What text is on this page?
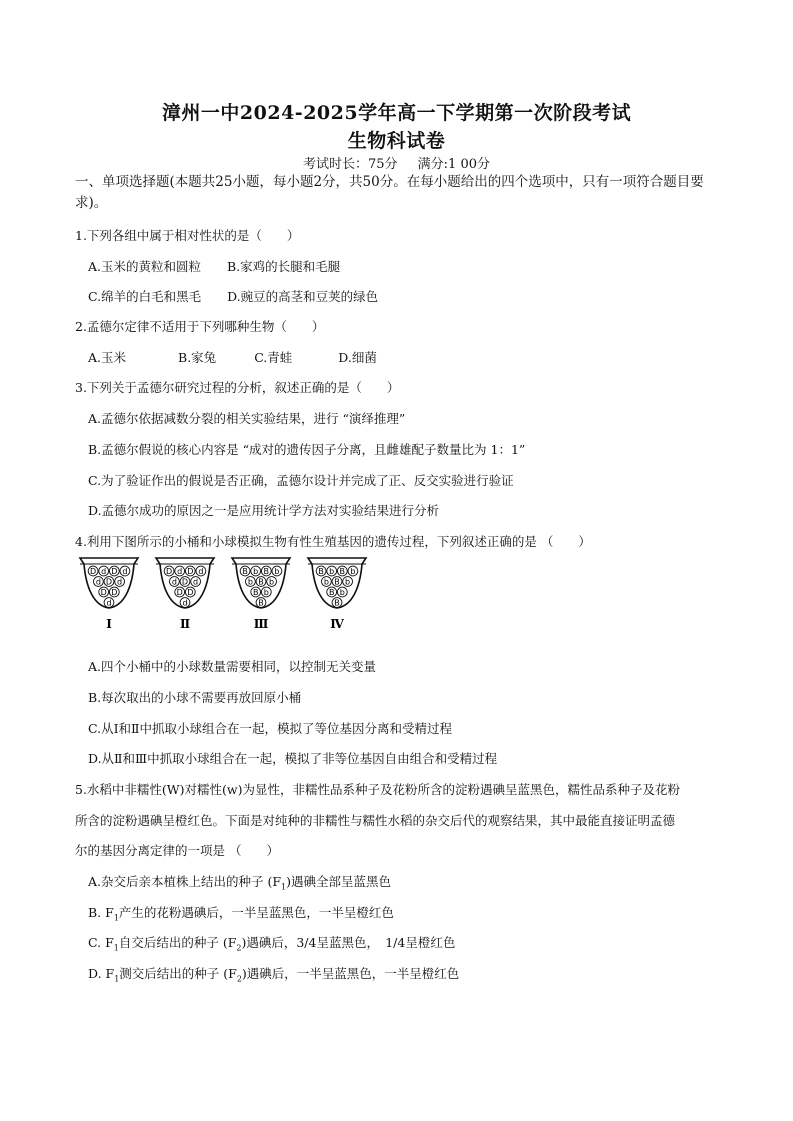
漳州一中2024-2025学年高一下学期第一次阶段考试
生物科试卷
考试时长：75分 满分:1 00分
一、单项选择题(本题共25小题，每小题2分，共50分。在每小题给出的四个选项中，只有一项符合题目要求)。
1.下列各组中属于相对性状的是（　　）
A.玉米的黄粒和圆粒 B.家鸡的长腿和毛腿
C.绵羊的白毛和黑毛 D.豌豆的高茎和豆荚的绿色
2.孟德尔定律不适用于下列哪种生物（　　）
A.玉米	B.家兔	C.青蛙	D.细菌
3.下列关于孟德尔研究过程的分析，叙述正确的是（　　）
A.孟德尔依据减数分裂的相关实验结果，进行 “演绎推理”
B.孟德尔假说的核心内容是 “成对的遗传因子分离，且雌雄配子数量比为 1：1”
C.为了验证作出的假说是否正确，孟德尔设计并完成了正、反交实验进行验证
D.孟德尔成功的原因之一是应用统计学方法对实验结果进行分析
4.利用下图所示的小桶和小球模拟生物有性生殖基因的遗传过程，下列叙述正确的是 （　　）
D d D d
d D d
D D
d
Ⅰ
D d D d
d D d
D D
d
Ⅱ
B b B b
b B b
B b
B
Ⅲ
B b B b
b B b
B b
B
Ⅳ
A.四个小桶中的小球数量需要相同，以控制无关变量
B.每次取出的小球不需要再放回原小桶
C.从Ⅰ和Ⅱ中抓取小球组合在一起，模拟了等位基因分离和受精过程
D.从Ⅱ和Ⅲ中抓取小球组合在一起，模拟了非等位基因自由组合和受精过程
5.水稻中非糯性(W)对糯性(w)为显性，非糯性品系种子及花粉所含的淀粉遇碘呈蓝黑色，糯性品系种子及花粉
所含的淀粉遇碘呈橙红色。下面是对纯种的非糯性与糯性水稻的杂交后代的观察结果，其中最能直接证明孟德
尔的基因分离定律的一项是 （　　）
A.杂交后亲本植株上结出的种子 $(F_1)$遇碘全部呈蓝黑色
B. $F_1$产生的花粉遇碘后，一半呈蓝黑色，一半呈橙红色
C. $F_1$自交后结出的种子 $(F_2)$遇碘后，3/4呈蓝黑色，　1/4呈橙红色
D. $F_1$测交后结出的种子 $(F_2)$遇碘后，一半呈蓝黑色，一半呈橙红色
